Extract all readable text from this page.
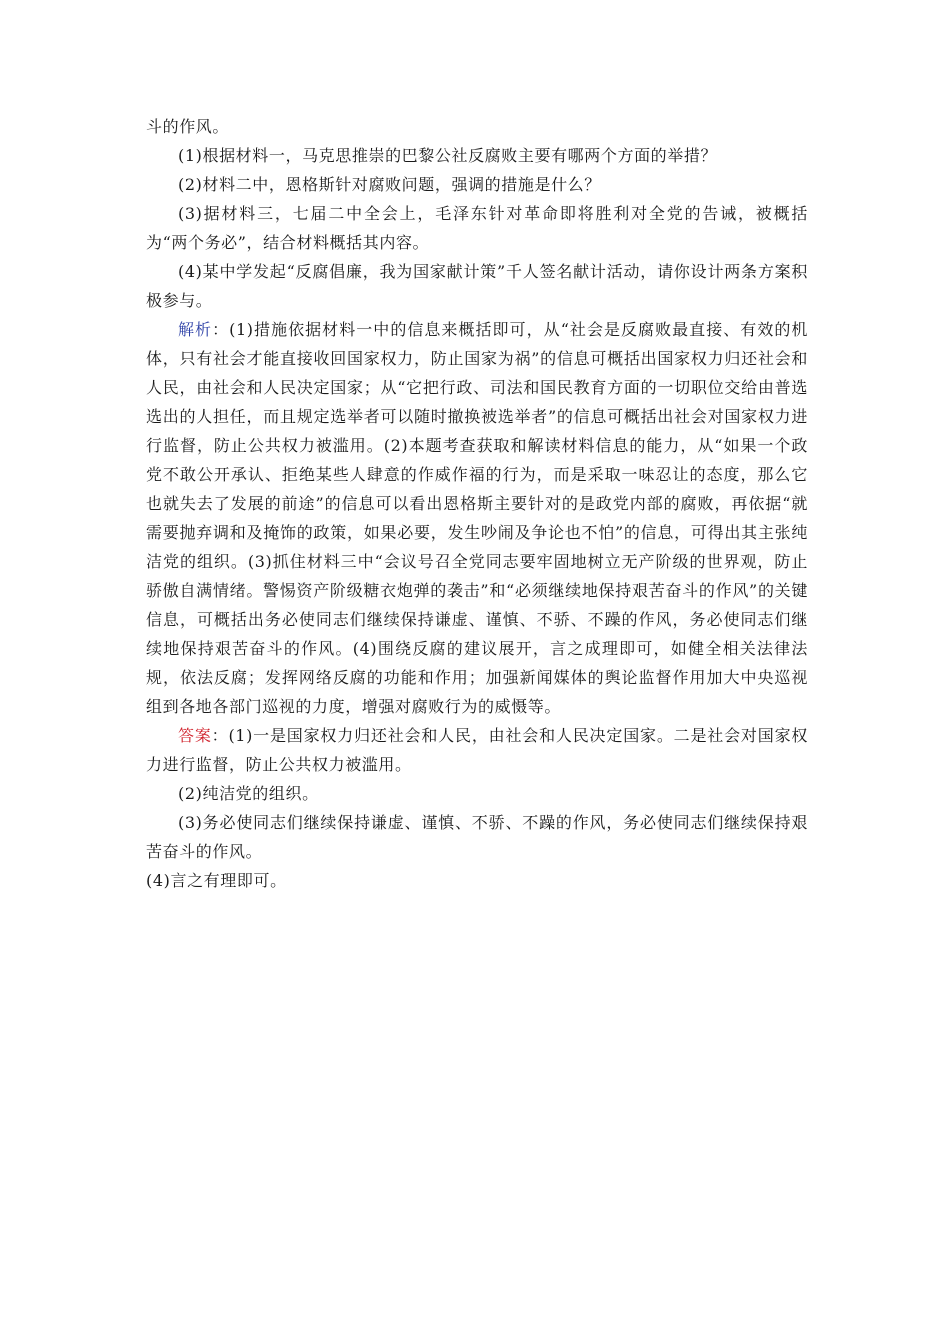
斗的作风。

(1)根据材料一，马克思推崇的巴黎公社反腐败主要有哪两个方面的举措？

(2)材料二中，恩格斯针对腐败问题，强调的措施是什么？

(3)据材料三，七届二中全会上，毛泽东针对革命即将胜利对全党的告诫，被概括为“两个务必”，结合材料概括其内容。

(4)某中学发起“反腐倡廉，我为国家献计策”千人签名献计活动，请你设计两条方案积极参与。

解析：(1)措施依据材料一中的信息来概括即可，从“社会是反腐败最直接、有效的机体，只有社会才能直接收回国家权力，防止国家为祸”的信息可概括出国家权力归还社会和人民，由社会和人民决定国家；从“它把行政、司法和国民教育方面的一切职位交给由普选选出的人担任，而且规定选举者可以随时撤换被选举者”的信息可概括出社会对国家权力进行监督，防止公共权力被滥用。(2)本题考查获取和解读材料信息的能力，从“如果一个政党不敢公开承认、拒绝某些人肆意的作威作福的行为，而是采取一味忍让的态度，那么它也就失去了发展的前途”的信息可以看出恩格斯主要针对的是政党内部的腐败，再依据“就需要抛弃调和及掩饰的政策，如果必要，发生吵闹及争论也不怕”的信息，可得出其主张纯洁党的组织。(3)抓住材料三中“会议号召全党同志要牢固地树立无产阶级的世界观，防止骄傲自满情绪。警惕资产阶级糖衣炮弹的袭击”和“必须继续地保持艰苦奋斗的作风”的关键信息，可概括出务必使同志们继续保持谦虚、谨慎、不骄、不躁的作风，务必使同志们继续地保持艰苦奋斗的作风。(4)围绕反腐的建议展开，言之成理即可，如健全相关法律法规，依法反腐；发挥网络反腐的功能和作用；加强新闻媒体的舆论监督作用加大中央巡视组到各地各部门巡视的力度，增强对腐败行为的威慑等。

答案：(1)一是国家权力归还社会和人民，由社会和人民决定国家。二是社会对国家权力进行监督，防止公共权力被滥用。

(2)纯洁党的组织。

(3)务必使同志们继续保持谦虚、谨慎、不骄、不躁的作风，务必使同志们继续保持艰苦奋斗的作风。

(4)言之有理即可。
